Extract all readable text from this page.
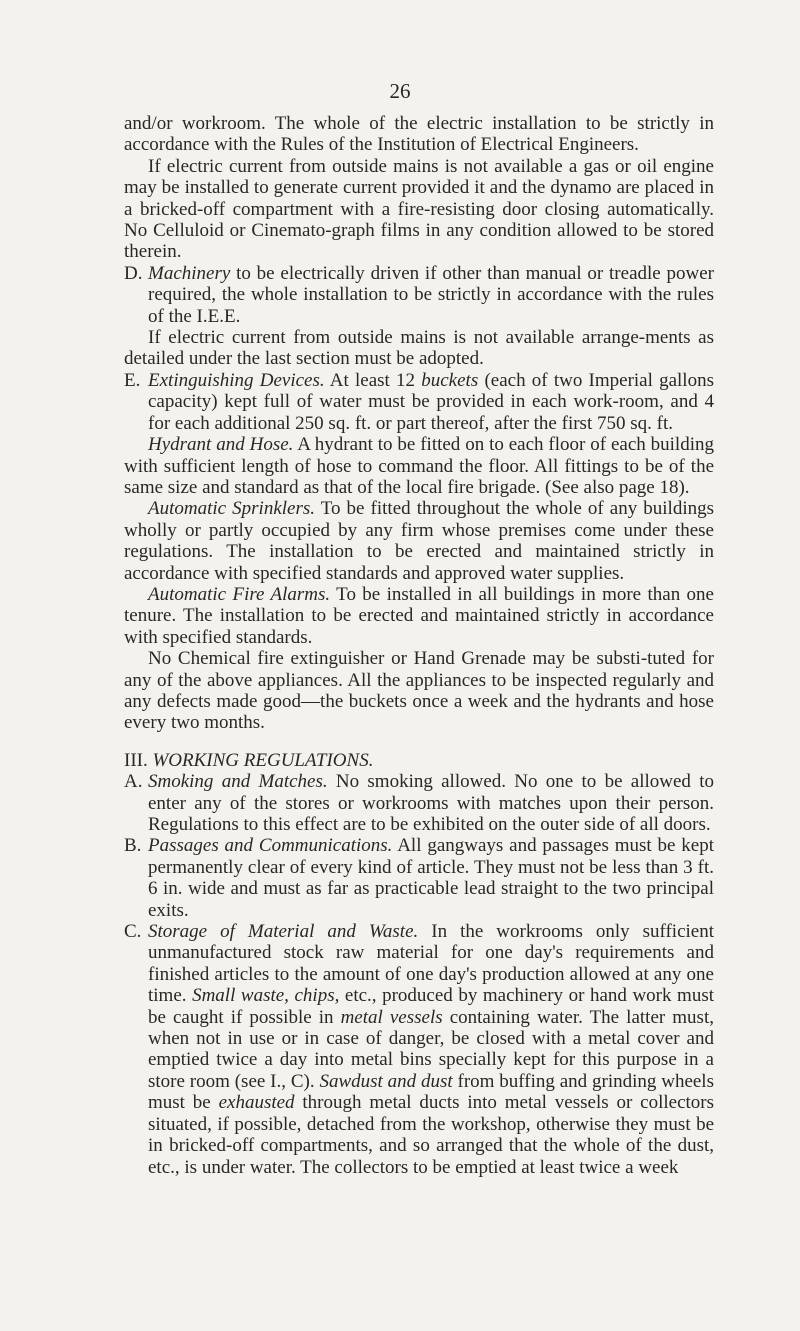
26

and/or workroom. The whole of the electric installation to be strictly in accordance with the Rules of the Institution of Electrical Engineers.

If electric current from outside mains is not available a gas or oil engine may be installed to generate current provided it and the dynamo are placed in a bricked-off compartment with a fire-resisting door closing automatically. No Celluloid or Cinemato-graph films in any condition allowed to be stored therein.

D. Machinery to be electrically driven if other than manual or treadle power required, the whole installation to be strictly in accordance with the rules of the I.E.E.

If electric current from outside mains is not available arrange-ments as detailed under the last section must be adopted.

E. Extinguishing Devices. At least 12 buckets (each of two Imperial gallons capacity) kept full of water must be provided in each work-room, and 4 for each additional 250 sq. ft. or part thereof, after the first 750 sq. ft.

Hydrant and Hose. A hydrant to be fitted on to each floor of each building with sufficient length of hose to command the floor. All fittings to be of the same size and standard as that of the local fire brigade. (See also page 18).

Automatic Sprinklers. To be fitted throughout the whole of any buildings wholly or partly occupied by any firm whose premises come under these regulations. The installation to be erected and maintained strictly in accordance with specified standards and approved water supplies.

Automatic Fire Alarms. To be installed in all buildings in more than one tenure. The installation to be erected and maintained strictly in accordance with specified standards.

No Chemical fire extinguisher or Hand Grenade may be substi-tuted for any of the above appliances. All the appliances to be inspected regularly and any defects made good—the buckets once a week and the hydrants and hose every two months.

III. WORKING REGULATIONS.

A. Smoking and Matches. No smoking allowed. No one to be allowed to enter any of the stores or workrooms with matches upon their person. Regulations to this effect are to be exhibited on the outer side of all doors.

B. Passages and Communications. All gangways and passages must be kept permanently clear of every kind of article. They must not be less than 3 ft. 6 in. wide and must as far as practicable lead straight to the two principal exits.

C. Storage of Material and Waste. In the workrooms only sufficient unmanufactured stock raw material for one day's requirements and finished articles to the amount of one day's production allowed at any one time. Small waste, chips, etc., produced by machinery or hand work must be caught if possible in metal vessels containing water. The latter must, when not in use or in case of danger, be closed with a metal cover and emptied twice a day into metal bins specially kept for this purpose in a store room (see I., C). Sawdust and dust from buffing and grinding wheels must be exhausted through metal ducts into metal vessels or collectors situated, if possible, detached from the workshop, otherwise they must be in bricked-off compartments, and so arranged that the whole of the dust, etc., is under water. The collectors to be emptied at least twice a week
